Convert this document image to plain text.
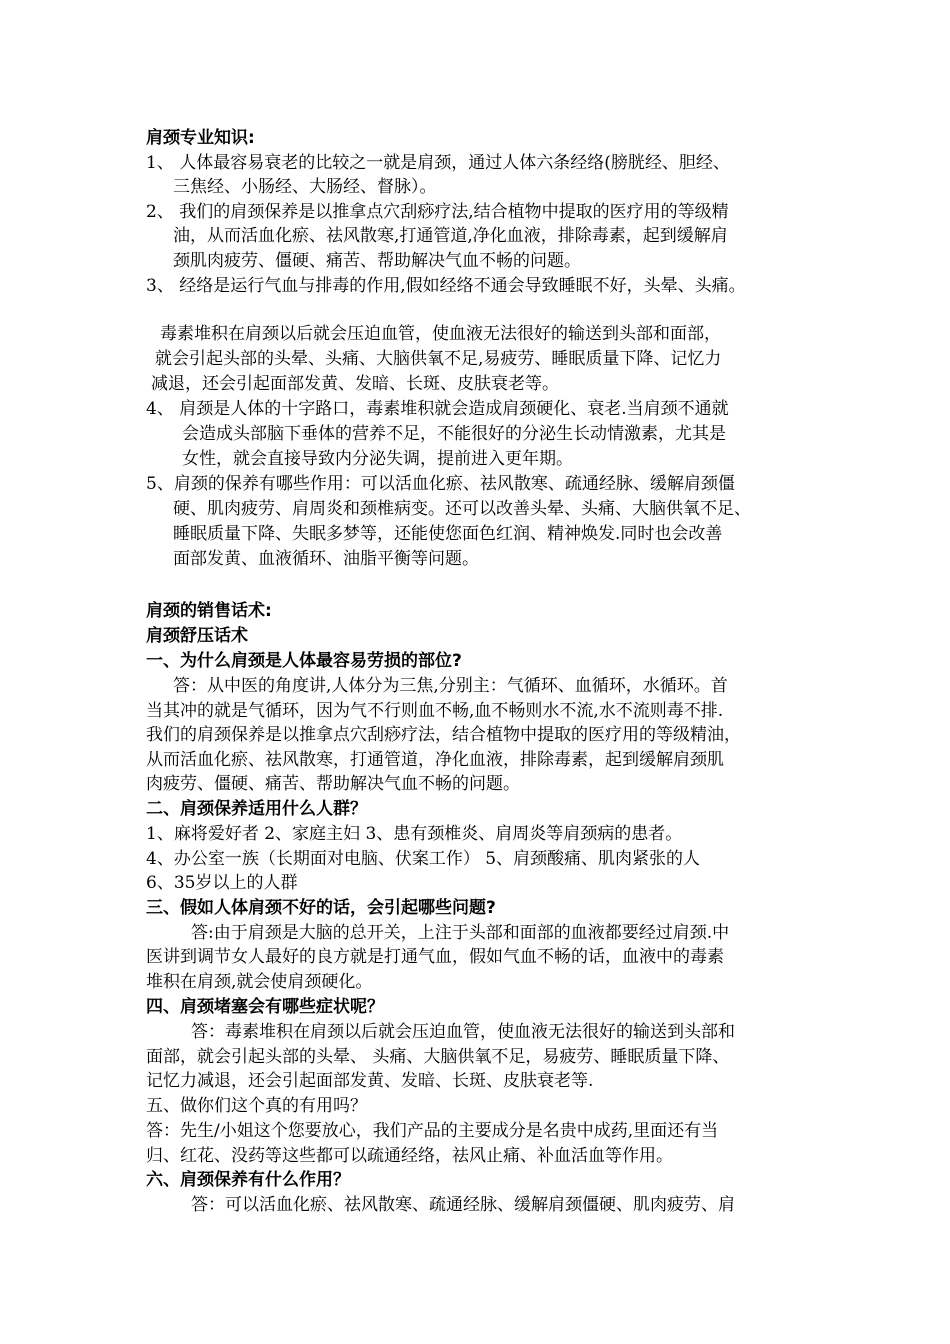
肩颈专业知识:
1、 人体最容易衰老的比较之一就是肩颈，通过人体六条经络(膀胱经、胆经、
三焦经、小肠经、大肠经、督脉）。
2、 我们的肩颈保养是以推拿点穴刮痧疗法,结合植物中提取的医疗用的等级精
油，从而活血化瘀、祛风散寒,打通管道,净化血液，排除毒素，起到缓解肩
颈肌肉疲劳、僵硬、痛苦、帮助解决气血不畅的问题。
3、 经络是运行气血与排毒的作用,假如经络不通会导致睡眠不好，头晕、头痛。
毒素堆积在肩颈以后就会压迫血管，使血液无法很好的输送到头部和面部，
就会引起头部的头晕、头痛、大脑供氧不足,易疲劳、睡眠质量下降、记忆力
减退，还会引起面部发黄、发暗、长斑、皮肤衰老等。
4、 肩颈是人体的十字路口，毒素堆积就会造成肩颈硬化、衰老.当肩颈不通就
会造成头部脑下垂体的营养不足，不能很好的分泌生长动情激素，尤其是
女性，就会直接导致内分泌失调，提前进入更年期。
5、肩颈的保养有哪些作用：可以活血化瘀、祛风散寒、疏通经脉、缓解肩颈僵
硬、肌肉疲劳、肩周炎和颈椎病变。还可以改善头晕、头痛、大脑供氧不足、
睡眠质量下降、失眠多梦等，还能使您面色红润、精神焕发.同时也会改善
面部发黄、血液循环、油脂平衡等问题。
肩颈的销售话术:
肩颈舒压话术
一、为什么肩颈是人体最容易劳损的部位?
答：从中医的角度讲,人体分为三焦,分别主：气循环、血循环，水循环。首
当其冲的就是气循环，因为气不行则血不畅,血不畅则水不流,水不流则毒不排.
我们的肩颈保养是以推拿点穴刮痧疗法，结合植物中提取的医疗用的等级精油，
从而活血化瘀、祛风散寒，打通管道，净化血液，排除毒素，起到缓解肩颈肌
肉疲劳、僵硬、痛苦、帮助解决气血不畅的问题。
二、肩颈保养适用什么人群？
1、麻将爱好者 2、家庭主妇 3、患有颈椎炎、肩周炎等肩颈病的患者。
4、办公室一族（长期面对电脑、伏案工作） 5、肩颈酸痛、肌肉紧张的人
6、35岁以上的人群
三、假如人体肩颈不好的话，会引起哪些问题?
答:由于肩颈是大脑的总开关，上注于头部和面部的血液都要经过肩颈.中
医讲到调节女人最好的良方就是打通气血，假如气血不畅的话，血液中的毒素
堆积在肩颈,就会使肩颈硬化。
四、肩颈堵塞会有哪些症状呢？
答：毒素堆积在肩颈以后就会压迫血管，使血液无法很好的输送到头部和
面部，就会引起头部的头晕、 头痛、大脑供氧不足，易疲劳、睡眠质量下降、
记忆力减退，还会引起面部发黄、发暗、长斑、皮肤衰老等.
五、做你们这个真的有用吗？
答：先生/小姐这个您要放心，我们产品的主要成分是名贵中成药,里面还有当
归、红花、没药等这些都可以疏通经络，祛风止痛、补血活血等作用。
六、肩颈保养有什么作用？
答：可以活血化瘀、祛风散寒、疏通经脉、缓解肩颈僵硬、肌肉疲劳、肩
